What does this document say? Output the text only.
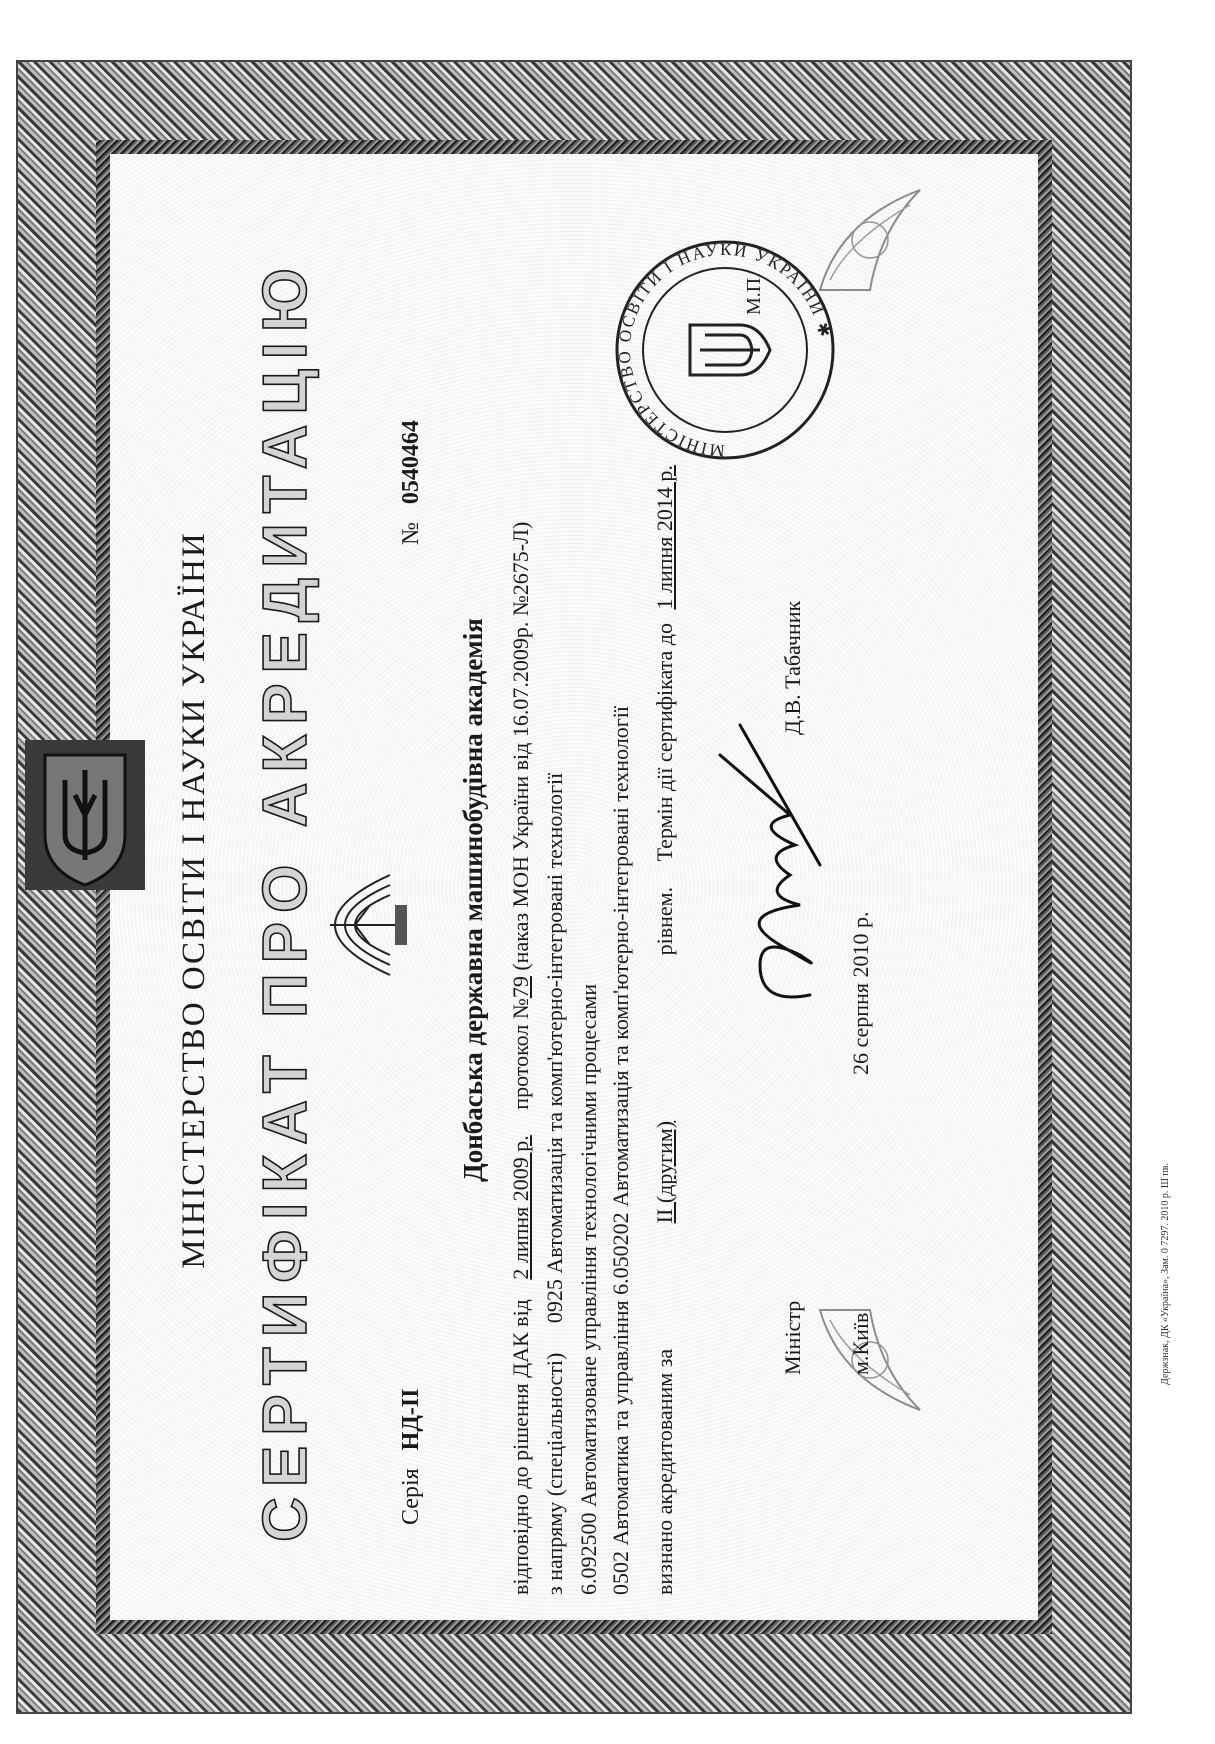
МІНІСТЕРСТВО ОСВІТИ І НАУКИ УКРАЇНИ СЕРТИФІКАТ ПРО АКРЕДИТАЦІЮ	Серія НД-ІІ
№ 0540464
Донбаська державна машинобудівна академія
відповідно до рішення ДАК від 2 липня 2009 р. протокол №79 (наказ МОН України від 16.07.2009р. №2675-Л)
з напряму (спеціальності) 0925 Автоматизація та комп'ютерно-інтегровані технології 6.092500 Автоматизоване управління технологічними процесами 0502 Автоматика та управління 6.050202 Автоматизація та комп'ютерно-інтегровані технології визнано акредитованим за ІІ (другим) рівнем. Термін дії сертифіката до 1 липня 2014 р.
Міністр
Д.В. Табачник
м.Київ
26 серпня 2010 р.
МІНІСТЕРСТВО ОСВІТИ І НАУКИ УКРАЇНИ ✱
М.П.
Держзнак, ДК «Україна», Зам. 0 7297. 2010 р. Ш пв.
